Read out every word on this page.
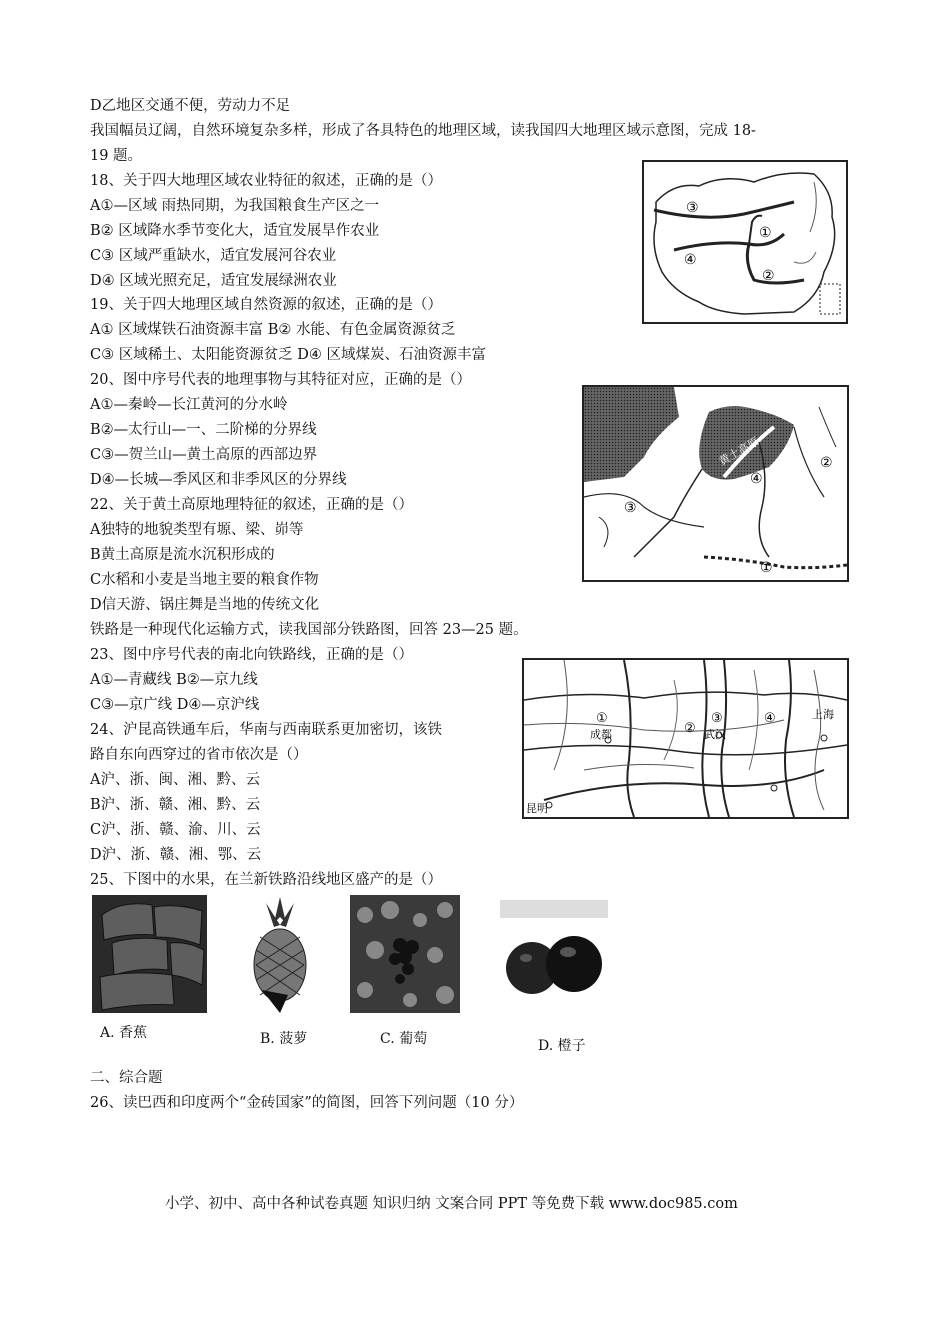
D乙地区交通不便，劳动力不足
我国幅员辽阔，自然环境复杂多样，形成了各具特色的地理区域，读我国四大地理区域示意图，完成 18-
19 题。
18、关于四大地理区域农业特征的叙述，正确的是（）
A①—区域 雨热同期，为我国粮食生产区之一
B② 区域降水季节变化大，适宜发展旱作农业
C③ 区域严重缺水，适宜发展河谷农业
D④ 区域光照充足，适宜发展绿洲农业
19、关于四大地理区域自然资源的叙述，正确的是（）
A① 区域煤铁石油资源丰富 B② 水能、有色金属资源贫乏
C③ 区域稀土、太阳能资源贫乏 D④ 区域煤炭、石油资源丰富
20、图中序号代表的地理事物与其特征对应，正确的是（）
A①—秦岭—长江黄河的分水岭
B②—太行山—一、二阶梯的分界线
C③—贺兰山—黄土高原的西部边界
D④—长城—季风区和非季风区的分界线
22、关于黄土高原地理特征的叙述，正确的是（）
A独特的地貌类型有塬、梁、峁等
B黄土高原是流水沉积形成的
C水稻和小麦是当地主要的粮食作物
D信天游、锅庄舞是当地的传统文化
铁路是一种现代化运输方式，读我国部分铁路图，回答 23—25 题。
23、图中序号代表的南北向铁路线，正确的是（）
A①—青藏线 B②—京九线
C③—京广线 D④—京沪线
24、沪昆高铁通车后，华南与西南联系更加密切，该铁
路自东向西穿过的省市依次是（）
A沪、浙、闽、湘、黔、云
B沪、浙、赣、湘、黔、云
C沪、浙、赣、渝、川、云
D沪、浙、赣、湘、鄂、云
25、下图中的水果，在兰新铁路沿线地区盛产的是（）
二、综合题
26、读巴西和印度两个“金砖国家”的简图，回答下列问题（10 分）
③
①
④
②
黄土高原	②
③
④
①
①
成都	②
③
武汉
④	上海
昆明
A. 香蕉	B. 菠萝	C. 葡萄	D. 橙子
小学、初中、高中各种试卷真题 知识归纳 文案合同 PPT 等免费下载 www.doc985.com
